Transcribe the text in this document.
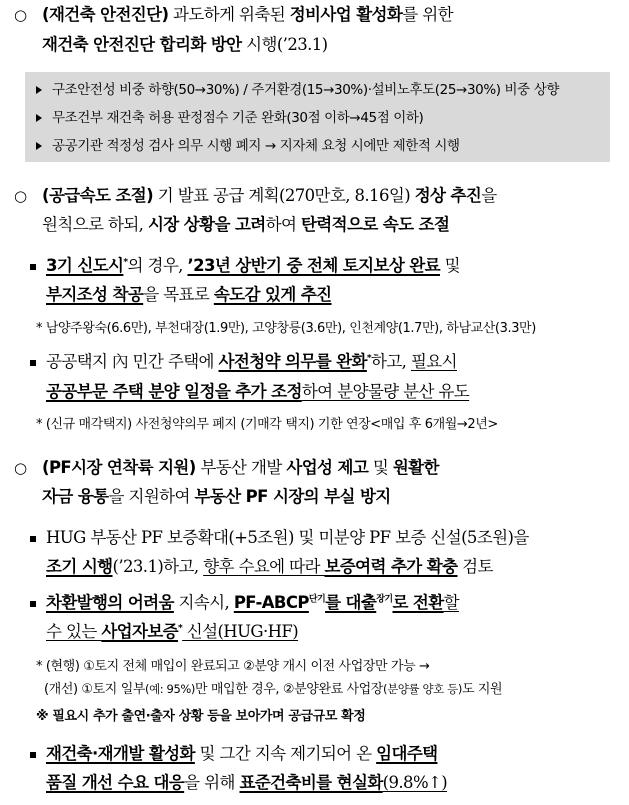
○ (재건축 안전진단) 과도하게 위축된 정비사업 활성화를 위한
재건축 안전진단 합리화 방안 시행(’23.1)
구조안전성 비중 하향(50→30%) / 주거환경(15→30%)·설비노후도(25→30%) 비중 상향
무조건부 재건축 허용 판정점수 기준 완화(30점 이하→45점 이하)
공공기관 적정성 검사 의무 시행 폐지 → 지자체 요청 시에만 제한적 시행
○ (공급속도 조절) 기 발표 공급 계획(270만호, 8.16일) 정상 추진을
원칙으로 하되, 시장 상황을 고려하여 탄력적으로 속도 조절
3기 신도시*의 경우, ’23년 상반기 중 전체 토지보상 완료 및
부지조성 착공을 목표로 속도감 있게 추진
* 남양주왕숙(6.6만), 부천대장(1.9만), 고양창릉(3.6만), 인천계양(1.7만), 하남교산(3.3만)
공공택지 內 민간 주택에 사전청약 의무를 완화*하고, 필요시
공공부문 주택 분양 일정을 추가 조정하여 분양물량 분산 유도
* (신규 매각택지) 사전청약의무 폐지 (기매각 택지) 기한 연장<매입 후 6개월→2년>
○ (PF시장 연착륙 지원) 부동산 개발 사업성 제고 및 원활한
자금 융통을 지원하여 부동산 PF 시장의 부실 방지
HUG 부동산 PF 보증확대(+5조원) 및 미분양 PF 보증 신설(5조원)을
조기 시행(’23.1)하고, 향후 수요에 따라 보증여력 추가 확충 검토
차환발행의 어려움 지속시, $PF-ABCP^{단기}$를 대출$^{장기}$로 전환할
수 있는 사업자보증* 신설(HUG·HF)
* (현행) ①토지 전체 매입이 완료되고 ②분양 개시 이전 사업장만 가능 →
(개선) ①토지 일부(예: 95%)만 매입한 경우, ②분양완료 사업장(분양률 양호 등)도 지원
※ 필요시 추가 출연·출자 상황 등을 보아가며 공급규모 확정
재건축·재개발 활성화 및 그간 지속 제기되어 온 임대주택
품질 개선 수요 대응을 위해 표준건축비를 현실화(9.8%↑)
